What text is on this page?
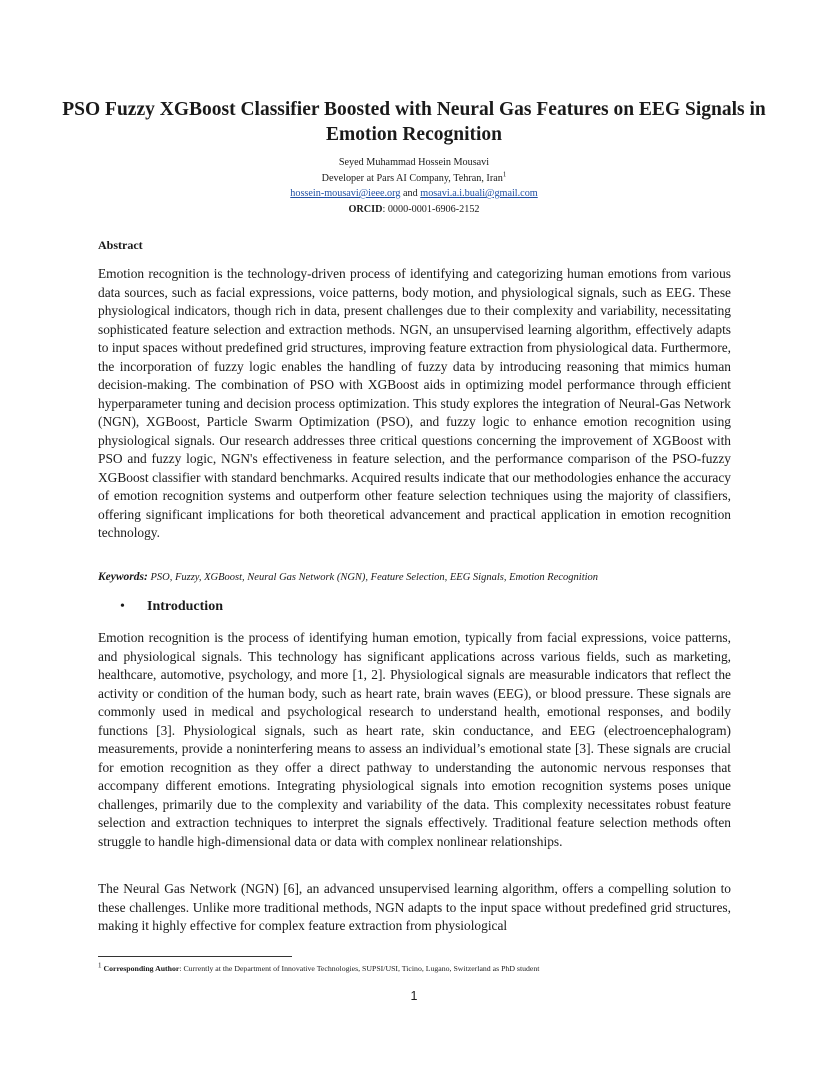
PSO Fuzzy XGBoost Classifier Boosted with Neural Gas Features on EEG Signals in Emotion Recognition
Seyed Muhammad Hossein Mousavi
Developer at Pars AI Company, Tehran, Iran$^1$
hossein-mousavi@ieee.org and mosavi.a.i.buali@gmail.com
ORCID: 0000-0001-6906-2152
Abstract

Emotion recognition is the technology-driven process of identifying and categorizing human emotions from various data sources, such as facial expressions, voice patterns, body motion, and physiological signals, such as EEG. These physiological indicators, though rich in data, present challenges due to their complexity and variability, necessitating sophisticated feature selection and extraction methods. NGN, an unsupervised learning algorithm, effectively adapts to input spaces without predefined grid structures, improving feature extraction from physiological data. Furthermore, the incorporation of fuzzy logic enables the handling of fuzzy data by introducing reasoning that mimics human decision-making. The combination of PSO with XGBoost aids in optimizing model performance through efficient hyperparameter tuning and decision process optimization. This study explores the integration of Neural-Gas Network (NGN), XGBoost, Particle Swarm Optimization (PSO), and fuzzy logic to enhance emotion recognition using physiological signals. Our research addresses three critical questions concerning the improvement of XGBoost with PSO and fuzzy logic, NGN's effectiveness in feature selection, and the performance comparison of the PSO-fuzzy XGBoost classifier with standard benchmarks. Acquired results indicate that our methodologies enhance the accuracy of emotion recognition systems and outperform other feature selection techniques using the majority of classifiers, offering significant implications for both theoretical advancement and practical application in emotion recognition technology.

Keywords: PSO, Fuzzy, XGBoost, Neural Gas Network (NGN), Feature Selection, EEG Signals, Emotion Recognition

• Introduction

Emotion recognition is the process of identifying human emotion, typically from facial expressions, voice patterns, and physiological signals. This technology has significant applications across various fields, such as marketing, healthcare, automotive, psychology, and more [1, 2]. Physiological signals are measurable indicators that reflect the activity or condition of the human body, such as heart rate, brain waves (EEG), or blood pressure. These signals are commonly used in medical and psychological research to understand health, emotional responses, and bodily functions [3]. Physiological signals, such as heart rate, skin conductance, and EEG (electroencephalogram) measurements, provide a noninterfering means to assess an individual’s emotional state [3]. These signals are crucial for emotion recognition as they offer a direct pathway to understanding the autonomic nervous responses that accompany different emotions. Integrating physiological signals into emotion recognition systems poses unique challenges, primarily due to the complexity and variability of the data. This complexity necessitates robust feature selection and extraction techniques to interpret the signals effectively. Traditional feature selection methods often struggle to handle high-dimensional data or data with complex nonlinear relationships.

The Neural Gas Network (NGN) [6], an advanced unsupervised learning algorithm, offers a compelling solution to these challenges. Unlike more traditional methods, NGN adapts to the input space without predefined grid structures, making it highly effective for complex feature extraction from physiological

$^1$ Corresponding Author: Currently at the Department of Innovative Technologies, SUPSI/USI, Ticino, Lugano, Switzerland as PhD student

1
